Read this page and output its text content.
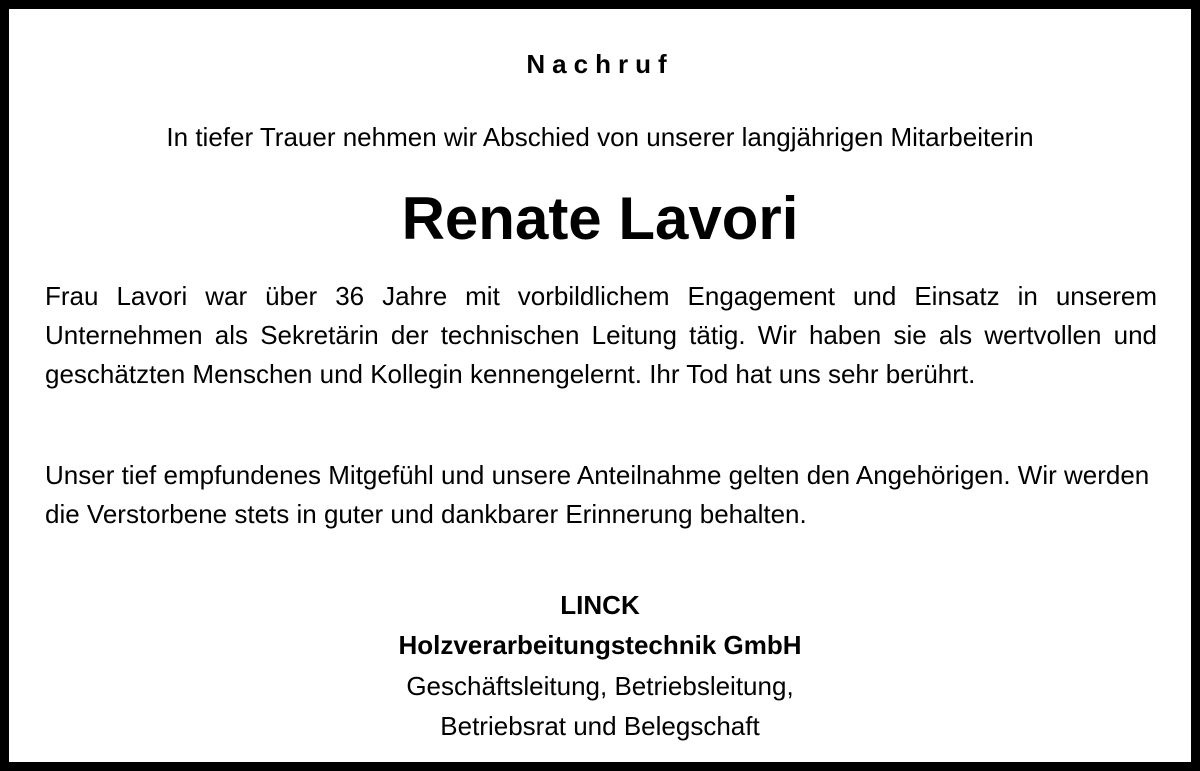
Nachruf
In tiefer Trauer nehmen wir Abschied von unserer langjährigen Mitarbeiterin
Renate Lavori

Frau Lavori war über 36 Jahre mit vorbildlichem Engagement und Einsatz in unserem Unternehmen als Sekretärin der technischen Leitung tätig. Wir haben sie als wertvollen und geschätzten Menschen und Kollegin kennengelernt. Ihr Tod hat uns sehr berührt.

Unser tief empfundenes Mitgefühl und unsere Anteilnahme gelten den Angehörigen. Wir werden die Verstorbene stets in guter und dankbarer Erinnerung behalten.

LINCK
Holzverarbeitungstechnik GmbH
Geschäftsleitung, Betriebsleitung,
Betriebsrat und Belegschaft
